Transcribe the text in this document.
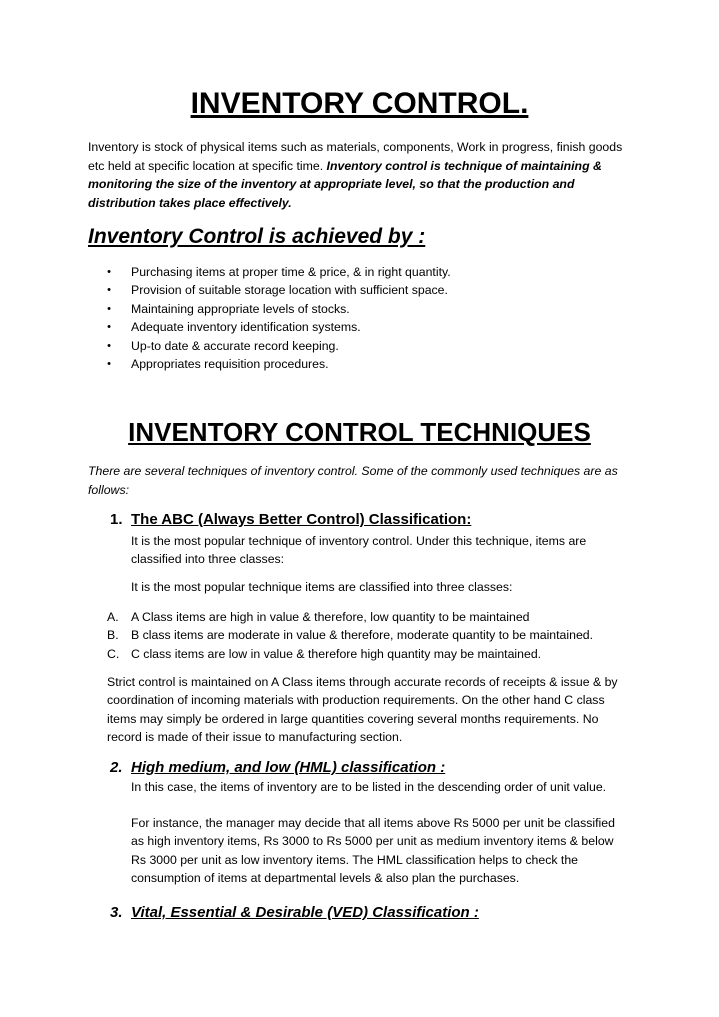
INVENTORY CONTROL.

Inventory is stock of physical items such as materials, components, Work in progress, finish goods etc held at specific location at specific time. Inventory control is technique of maintaining & monitoring the size of the inventory at appropriate level, so that the production and distribution takes place effectively.

Inventory Control is achieved by :
• Purchasing items at proper time & price, & in right quantity.
• Provision of suitable storage location with sufficient space.
• Maintaining appropriate levels of stocks.
• Adequate inventory identification systems.
• Up-to date & accurate record keeping.
• Appropriates requisition procedures.
INVENTORY CONTROL TECHNIQUES

There are several techniques of inventory control. Some of the commonly used techniques are as follows:

1. The ABC (Always Better Control) Classification:

It is the most popular technique of inventory control. Under this technique, items are classified into three classes:

It is the most popular technique items are classified into three classes:

A. A Class items are high in value & therefore, low quantity to be maintained
B. B class items are moderate in value & therefore, moderate quantity to be maintained.
C. C class items are low in value & therefore high quantity may be maintained.

Strict control is maintained on A Class items through accurate records of receipts & issue & by coordination of incoming materials with production requirements. On the other hand C class items may simply be ordered in large quantities covering several months requirements. No record is made of their issue to manufacturing section.

2. High medium, and low (HML) classification :

In this case, the items of inventory are to be listed in the descending order of unit value.

For instance, the manager may decide that all items above Rs 5000 per unit be classified as high inventory items, Rs 3000 to Rs 5000 per unit as medium inventory items & below Rs 3000 per unit as low inventory items. The HML classification helps to check the consumption of items at departmental levels & also plan the purchases.

3. Vital, Essential & Desirable (VED) Classification :
